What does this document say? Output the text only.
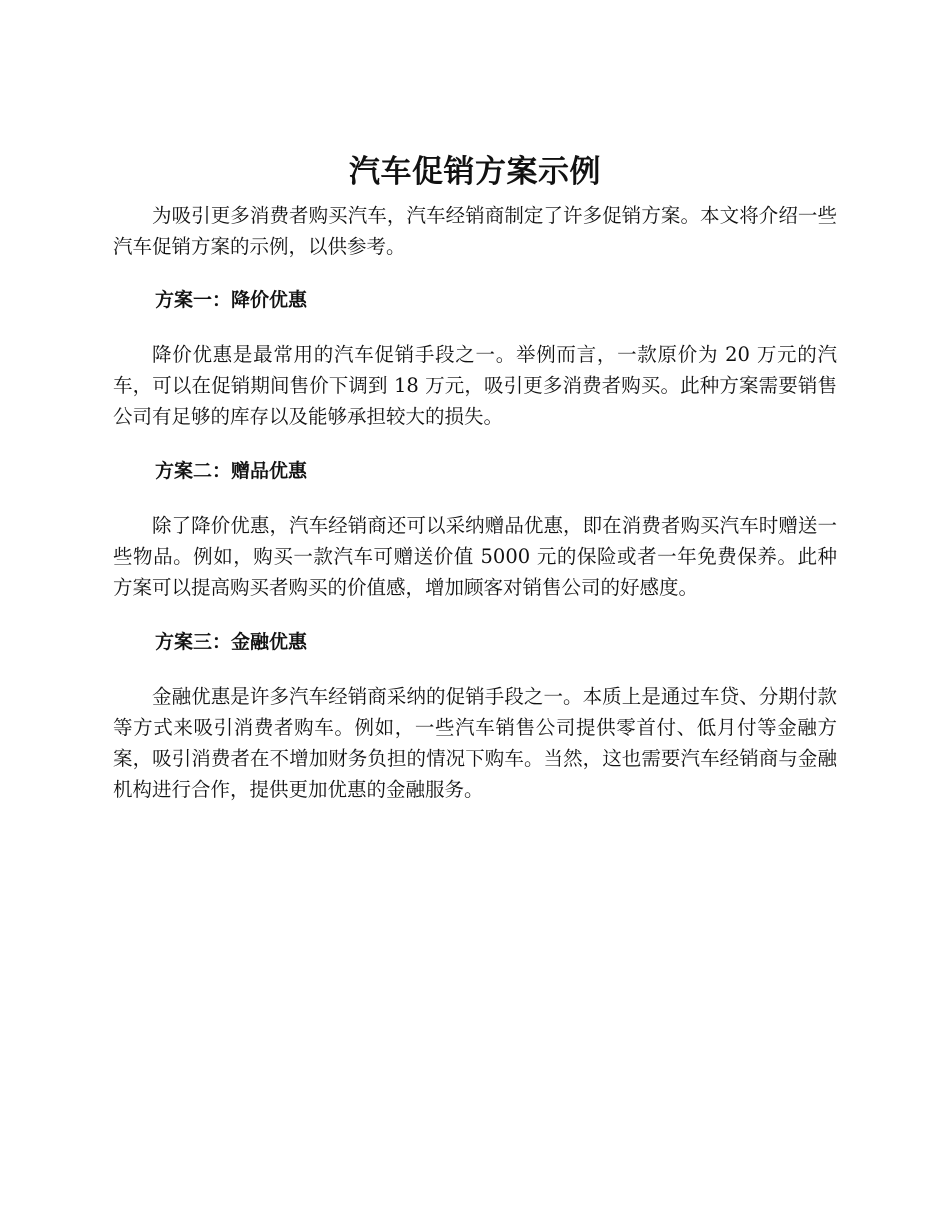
汽车促销方案示例

为吸引更多消费者购买汽车，汽车经销商制定了许多促销方案。本文将介绍一些汽车促销方案的示例，以供参考。

方案一：降价优惠

降价优惠是最常用的汽车促销手段之一。举例而言，一款原价为 20 万元的汽车，可以在促销期间售价下调到 18 万元，吸引更多消费者购买。此种方案需要销售公司有足够的库存以及能够承担较大的损失。

方案二：赠品优惠

除了降价优惠，汽车经销商还可以采纳赠品优惠，即在消费者购买汽车时赠送一些物品。例如，购买一款汽车可赠送价值 5000 元的保险或者一年免费保养。此种方案可以提高购买者购买的价值感，增加顾客对销售公司的好感度。

方案三：金融优惠

金融优惠是许多汽车经销商采纳的促销手段之一。本质上是通过车贷、分期付款等方式来吸引消费者购车。例如，一些汽车销售公司提供零首付、低月付等金融方案，吸引消费者在不增加财务负担的情况下购车。当然，这也需要汽车经销商与金融机构进行合作，提供更加优惠的金融服务。
